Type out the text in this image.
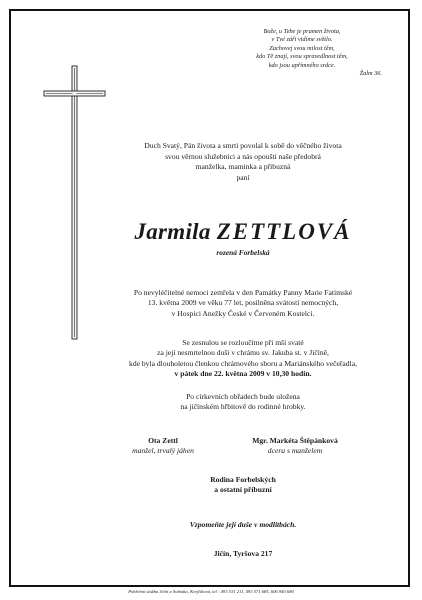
Bože, u Tebe je pramen života,
v Tvé záři vidíme světlo.
Zachovej svou milost těm,
kdo Tě znají, svou spravedlnost těm,
kdo jsou upřímného srdce.
Žalm 36.
Duch Svatý, Pán života a smrti povolal k sobě do věčného života
svou věrnou služebnici a nás opouští naše předobrá
manželka, maminka a přibuzná
paní
Jarmila ZETTLOVÁ
rozená Forbelská
Po nevyléčitelné nemoci zemřela v den Památky Panny Marie Fatimské
13. května 2009 ve věku 77 let, posilněna svátostí nemocných,
v Hospici Anežky České v Červeném Kostelci.
Se zesnulou se rozloučíme při mši svaté
za její nesmrtelnou duši v chrámu sv. Jakuba st. v Jičíně,
kde byla dlouholetou členkou chrámového sboru a Mariánského večeřadla,
v pátek dne 22. května 2009 v 10,30 hodin.
Po církevních obřadech bude uložena
na jičínském hřbitově do rodinné hrobky.
Ota Zettl
manžel, trvalý jáhen
Mgr. Markéta Štěpánková
dcera s manželem
Rodina Forbelských
a ostatní příbuzní
Vzpomeňte její duše v modlitbách.
Jičín, Tyršova 217
Pohřební služba Jičín a Sobotka, Krejčíková, tel : 493 531 211, 493 571 685, 606 940 680
